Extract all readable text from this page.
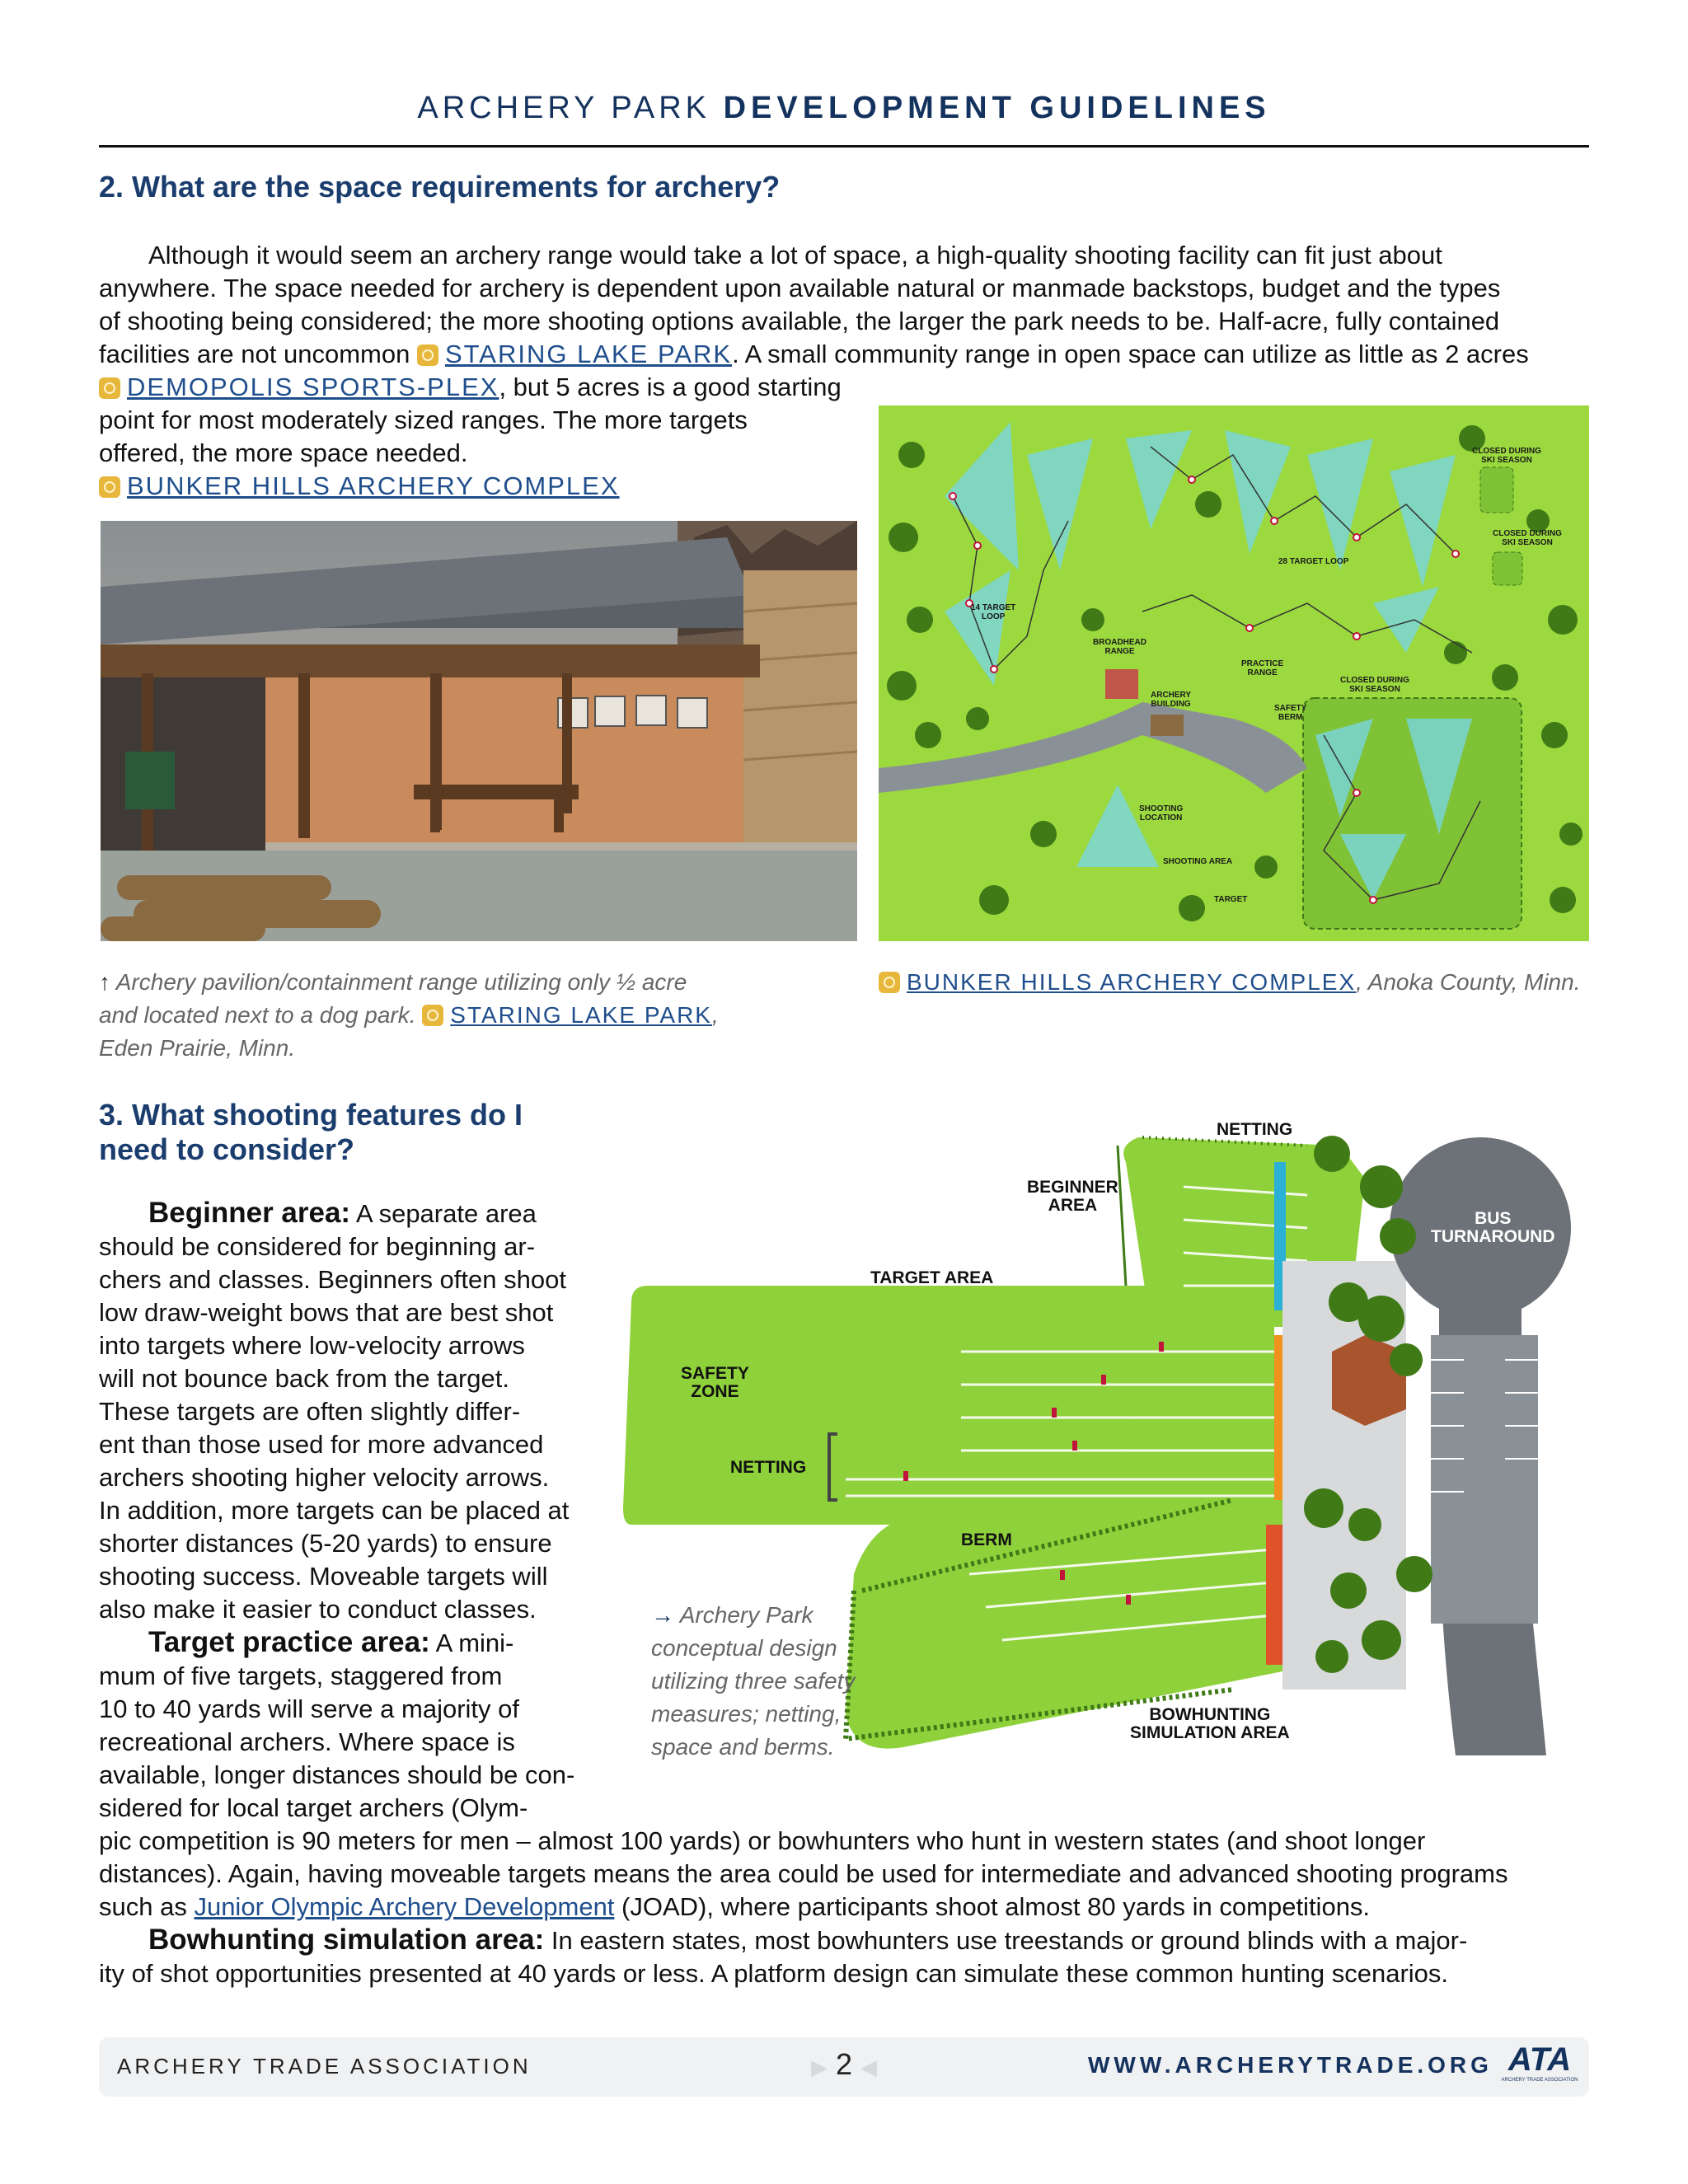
ARCHERY PARK DEVELOPMENT GUIDELINES
2. What are the space requirements for archery?
Although it would seem an archery range would take a lot of space, a high-quality shooting facility can fit just about
anywhere. The space needed for archery is dependent upon available natural or manmade backstops, budget and the types
of shooting being considered; the more shooting options available, the larger the park needs to be. Half-acre, fully contained
facilities are not uncommon STARING LAKE PARK. A small community range in open space can utilize as little as 2 acres
DEMOPOLIS SPORTS-PLEX, but 5 acres is a good starting
point for most moderately sized ranges. The more targets
offered, the more space needed.
BUNKER HILLS ARCHERY COMPLEX
CLOSED DURING
SKI SEASON
CLOSED DURING
SKI SEASON
28 TARGET LOOP
14 TARGET
LOOP
BROADHEAD
RANGE
PRACTICE
RANGE
CLOSED DURING
SKI SEASON
ARCHERY
BUILDING	SAFETY
BERM
SHOOTING
LOCATION
SHOOTING AREA
TARGET
↑ Archery pavilion/containment range utilizing only ½ acre
and located next to a dog park. STARING LAKE PARK,
Eden Prairie, Minn.
BUNKER HILLS ARCHERY COMPLEX, Anoka County, Minn.
3. What shooting features do I
need to consider?
Beginner area: A separate area
should be considered for beginning ar-
chers and classes. Beginners often shoot
low draw-weight bows that are best shot
into targets where low-velocity arrows
will not bounce back from the target.
These targets are often slightly differ-
ent than those used for more advanced
archers shooting higher velocity arrows.
In addition, more targets can be placed at
shorter distances (5-20 yards) to ensure
shooting success. Moveable targets will
also make it easier to conduct classes.
Target practice area: A mini-
mum of five targets, staggered from
10 to 40 yards will serve a majority of
recreational archers. Where space is
available, longer distances should be con-
sidered for local target archers (Olym-
pic competition is 90 meters for men – almost 100 yards) or bowhunters who hunt in western states (and shoot longer
distances). Again, having moveable targets means the area could be used for intermediate and advanced shooting programs
such as Junior Olympic Archery Development (JOAD), where participants shoot almost 80 yards in competitions.
Bowhunting simulation area: In eastern states, most bowhunters use treestands or ground blinds with a major-
ity of shot opportunities presented at 40 yards or less. A platform design can simulate these common hunting scenarios.
NETTING
BEGINNER
AREA
BUS
TURNAROUND
TARGET AREA
SAFETY
ZONE
NETTING
BERM
BOWHUNTING
SIMULATION AREA
→ Archery Park
conceptual design
utilizing three safety
measures; netting,
space and berms.
ARCHERY TRADE ASSOCIATION	▶ 2 ◀	WWW.ARCHERYTRADE.ORG ATA
ARCHERY TRADE ASSOCIATION
